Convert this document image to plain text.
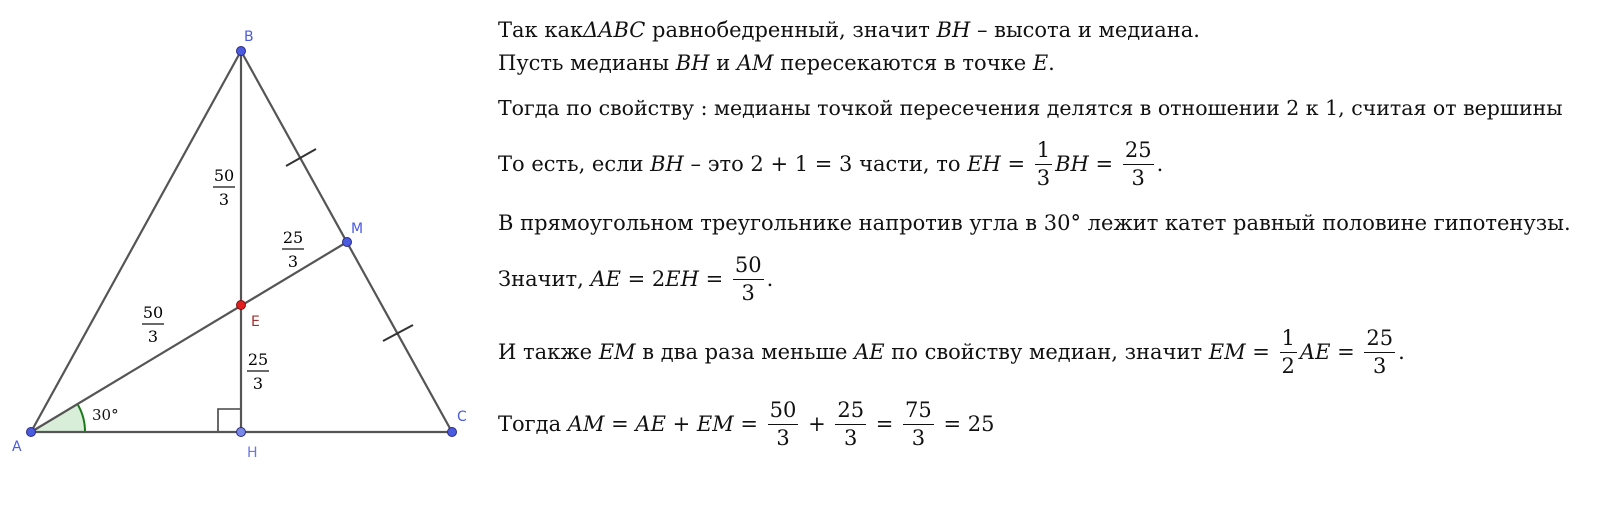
B
A
C
H
M
E
30°
50
3
25
3
50
3
25
3
Так как ΔABC равнобедренный, значит BH – высота и медиана.
Пусть медианы BH и AM пересекаются в точке E .
Тогда по свойству : медианы точкой пересечения делятся в отношении 2 к 1, считая от вершины
То есть, если BH – это 2 + 1 = 3 части, то EH = $\frac{1}{3}$ BH = $\frac{25}{3}$ .
В прямоугольном треугольнике напротив угла в 30° лежит катет равный половине гипотенузы.
Значит, AE = 2 EH = $\frac{50}{3}$ .
И также EM в два раза меньше AE по свойству медиан, значит EM = $\frac{1}{2}$ AE = $\frac{25}{3}$ .
Тогда AM = AE + EM = $\frac{50}{3} + \frac{25}{3} = \frac{75}{3} = 25$
